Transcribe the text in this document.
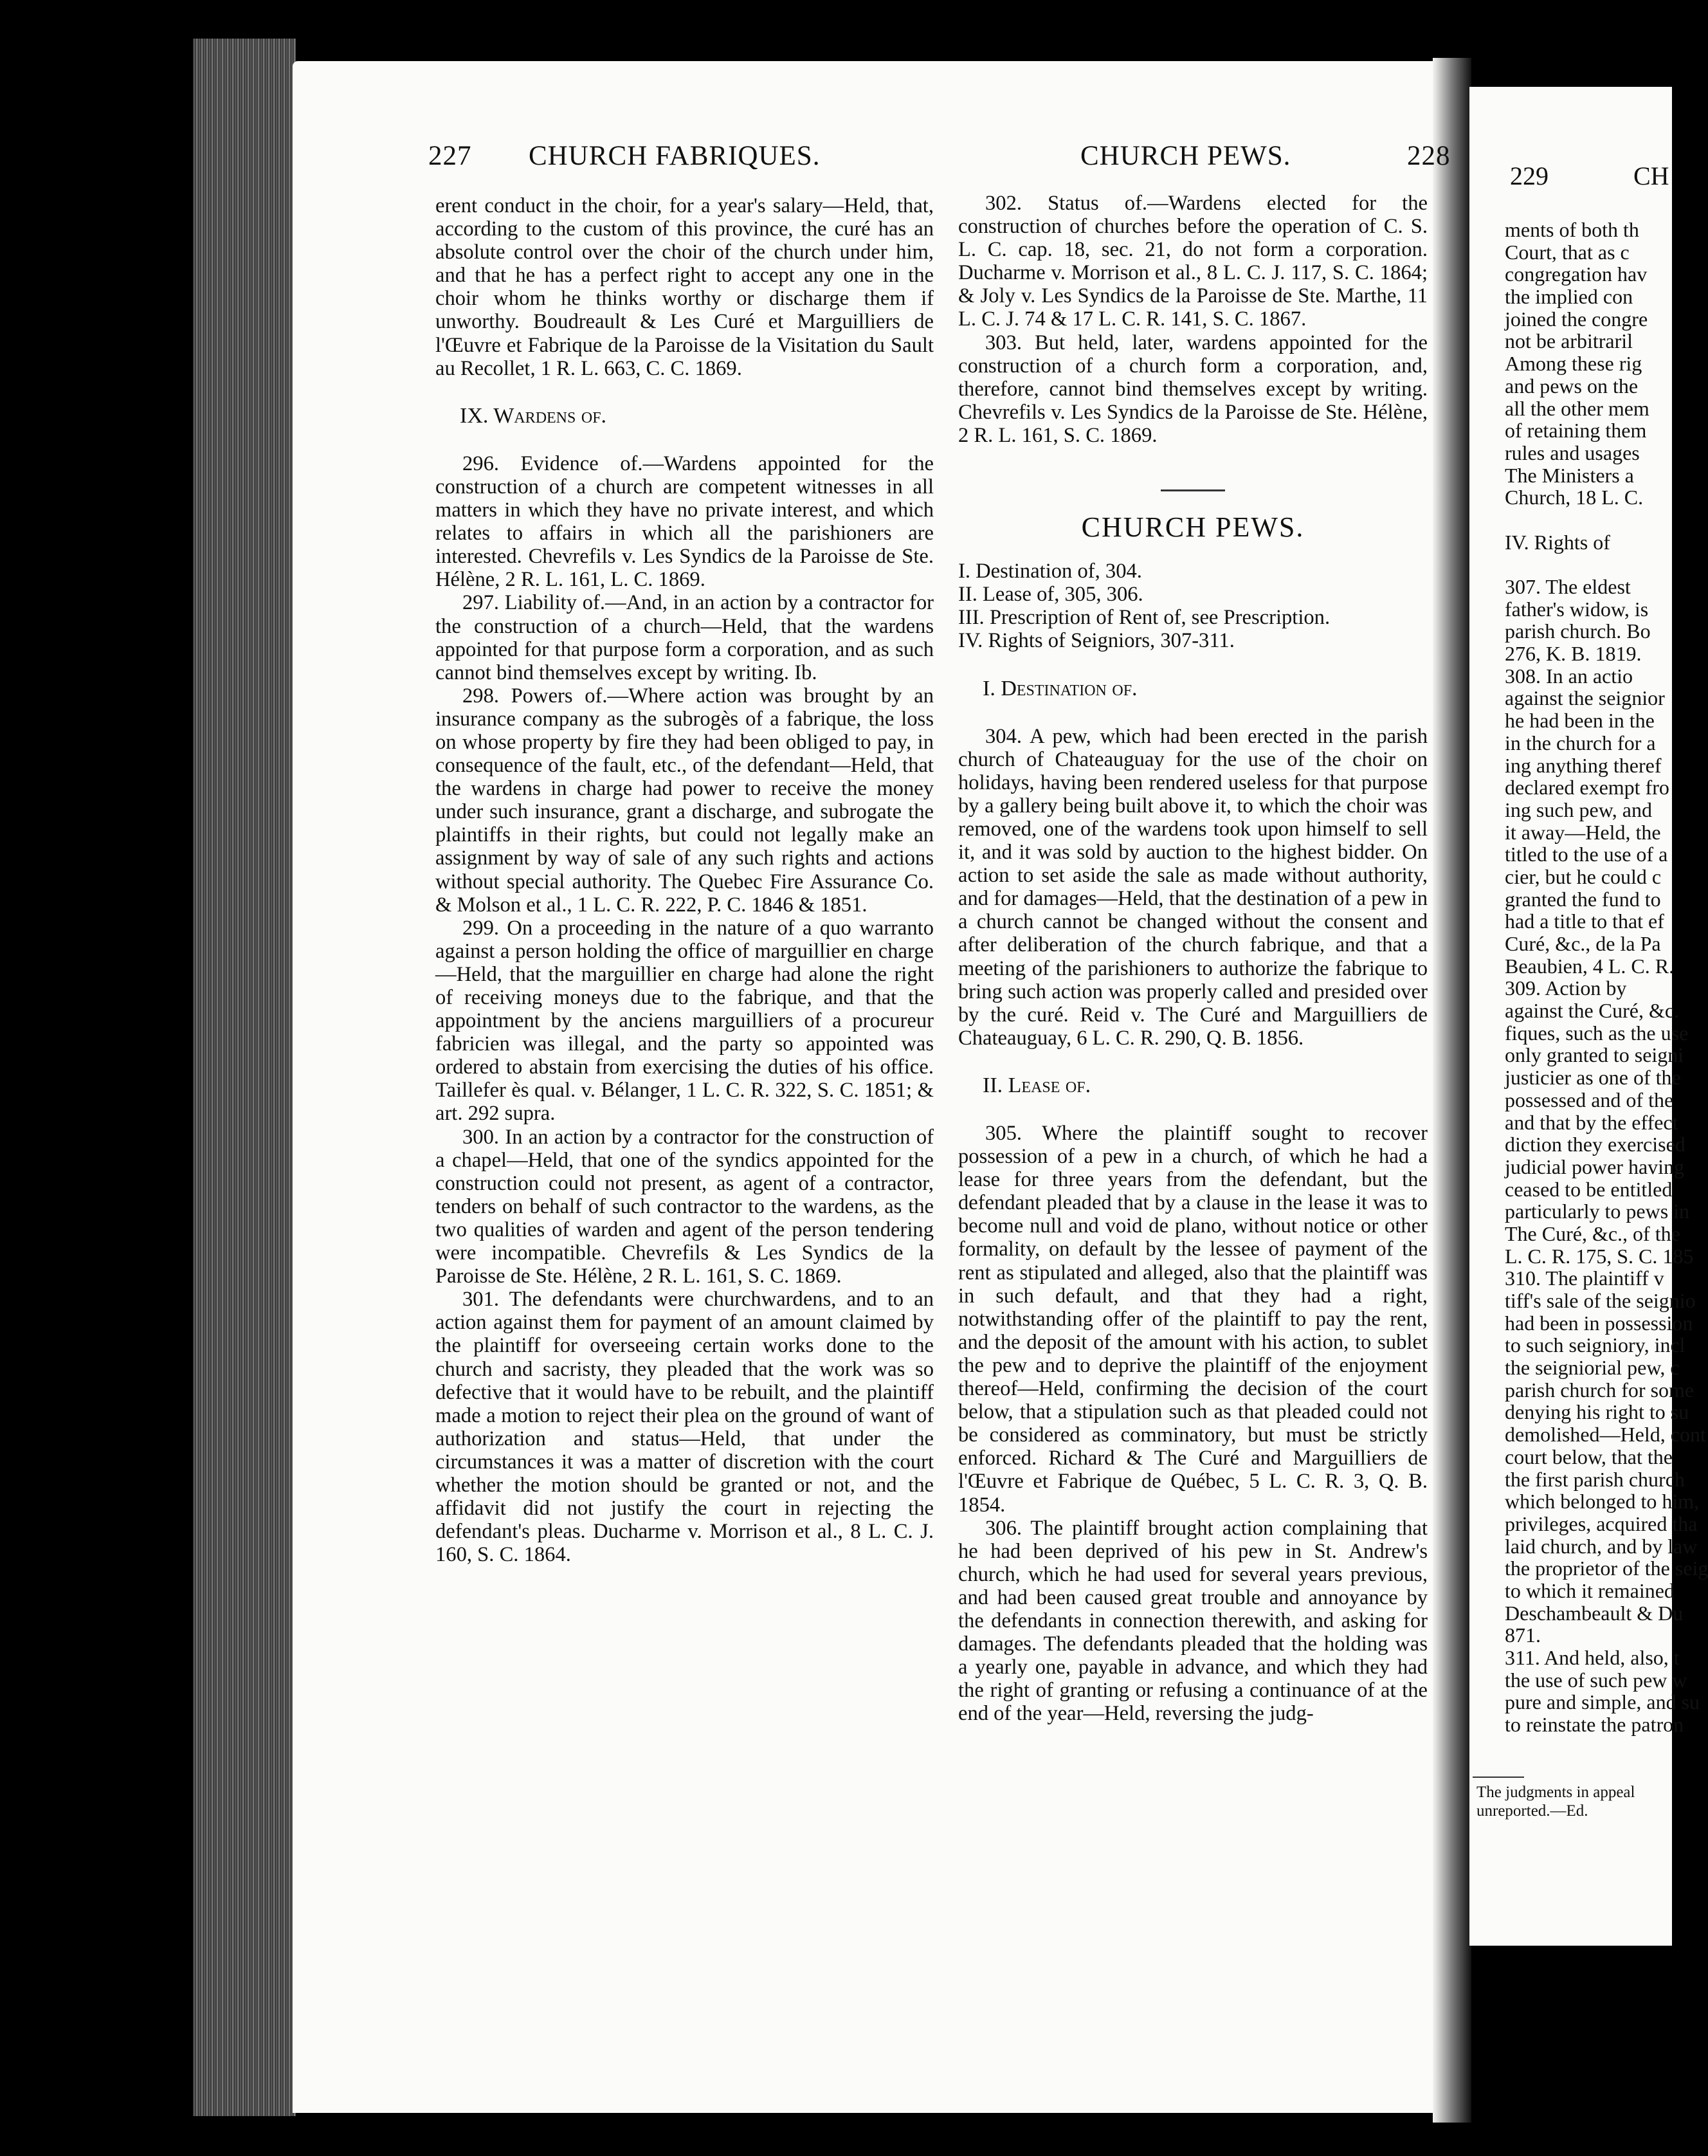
227 CHURCH FABRIQUES.	CHURCH PEWS.	228

erent conduct in the choir, for a year's salary—Held, that, according to the custom of this province, the curé has an absolute control over the choir of the church under him, and that he has a perfect right to accept any one in the choir whom he thinks worthy or discharge them if unworthy. Boudreault & Les Curé et Marguilliers de l'Œuvre et Fabrique de la Paroisse de la Visitation du Sault au Recollet, 1 R. L. 663, C. C. 1869.

IX. Wardens of.

296. Evidence of.—Wardens appointed for the construction of a church are competent witnesses in all matters in which they have no private interest, and which relates to affairs in which all the parishioners are interested. Chevrefils v. Les Syndics de la Paroisse de Ste. Hélène, 2 R. L. 161, L. C. 1869.

297. Liability of.—And, in an action by a contractor for the construction of a church—Held, that the wardens appointed for that purpose form a corporation, and as such cannot bind themselves except by writing. Ib.

298. Powers of.—Where action was brought by an insurance company as the subrogès of a fabrique, the loss on whose property by fire they had been obliged to pay, in consequence of the fault, etc., of the defendant—Held, that the wardens in charge had power to receive the money under such insurance, grant a discharge, and subrogate the plaintiffs in their rights, but could not legally make an assignment by way of sale of any such rights and actions without special authority. The Quebec Fire Assurance Co. & Molson et al., 1 L. C. R. 222, P. C. 1846 & 1851.

299. On a proceeding in the nature of a quo warranto against a person holding the office of marguillier en charge—Held, that the marguillier en charge had alone the right of receiving moneys due to the fabrique, and that the appointment by the anciens marguilliers of a procureur fabricien was illegal, and the party so appointed was ordered to abstain from exercising the duties of his office. Taillefer ès qual. v. Bélanger, 1 L. C. R. 322, S. C. 1851; & art. 292 supra.

300. In an action by a contractor for the construction of a chapel—Held, that one of the syndics appointed for the construction could not present, as agent of a contractor, tenders on behalf of such contractor to the wardens, as the two qualities of warden and agent of the person tendering were incompatible. Chevrefils & Les Syndics de la Paroisse de Ste. Hélène, 2 R. L. 161, S. C. 1869.

301. The defendants were churchwardens, and to an action against them for payment of an amount claimed by the plaintiff for overseeing certain works done to the church and sacristy, they pleaded that the work was so defective that it would have to be rebuilt, and the plaintiff made a motion to reject their plea on the ground of want of authorization and status—Held, that under the circumstances it was a matter of discretion with the court whether the motion should be granted or not, and the affidavit did not justify the court in rejecting the defendant's pleas. Ducharme v. Morrison et al., 8 L. C. J. 160, S. C. 1864.

302. Status of.—Wardens elected for the construction of churches before the operation of C. S. L. C. cap. 18, sec. 21, do not form a corporation. Ducharme v. Morrison et al., 8 L. C. J. 117, S. C. 1864; & Joly v. Les Syndics de la Paroisse de Ste. Marthe, 11 L. C. J. 74 & 17 L. C. R. 141, S. C. 1867.

303. But held, later, wardens appointed for the construction of a church form a corporation, and, therefore, cannot bind themselves except by writing. Chevrefils v. Les Syndics de la Paroisse de Ste. Hélène, 2 R. L. 161, S. C. 1869.

CHURCH PEWS.

I. Destination of, 304.

II. Lease of, 305, 306.

III. Prescription of Rent of, see Prescription.

IV. Rights of Seigniors, 307-311.

I. Destination of.

304. A pew, which had been erected in the parish church of Chateauguay for the use of the choir on holidays, having been rendered useless for that purpose by a gallery being built above it, to which the choir was removed, one of the wardens took upon himself to sell it, and it was sold by auction to the highest bidder. On action to set aside the sale as made without authority, and for damages—Held, that the destination of a pew in a church cannot be changed without the consent and after deliberation of the church fabrique, and that a meeting of the parishioners to authorize the fabrique to bring such action was properly called and presided over by the curé. Reid v. The Curé and Marguilliers de Chateauguay, 6 L. C. R. 290, Q. B. 1856.

II. Lease of.

305. Where the plaintiff sought to recover possession of a pew in a church, of which he had a lease for three years from the defendant, but the defendant pleaded that by a clause in the lease it was to become null and void de plano, without notice or other formality, on default by the lessee of payment of the rent as stipulated and alleged, also that the plaintiff was in such default, and that they had a right, notwithstanding offer of the plaintiff to pay the rent, and the deposit of the amount with his action, to sublet the pew and to deprive the plaintiff of the enjoyment thereof—Held, confirming the decision of the court below, that a stipulation such as that pleaded could not be considered as comminatory, but must be strictly enforced. Richard & The Curé and Marguilliers de l'Œuvre et Fabrique de Québec, 5 L. C. R. 3, Q. B. 1854.

306. The plaintiff brought action complaining that he had been deprived of his pew in St. Andrew's church, which he had used for several years previous, and had been caused great trouble and annoyance by the defendants in connection therewith, and asking for damages. The defendants pleaded that the holding was a yearly one, payable in advance, and which they had the right of granting or refusing a continuance of at the end of the year—Held, reversing the judg-

229	CH
ments of both th
Court, that as c
congregation hav
the implied con
joined the congre
not be arbitraril
Among these rig
and pews on the
all the other mem
of retaining them
rules and usages
The Ministers a
Church, 18 L. C.
IV. Rights of
307. The eldest
father's widow, is
parish church. Bo
276, K. B. 1819.
308. In an actio
against the seignior
he had been in the
in the church for a
ing anything theref
declared exempt fro
ing such pew, and
it away—Held, the
titled to the use of a
cier, but he could c
granted the fund to
had a title to that ef
Curé, &c., de la Pa
Beaubien, 4 L. C. R.
309. Action by
against the Curé, &c.
fiques, such as the use
only granted to seigni
justicier as one of the
possessed and of the
and that by the effect
diction they exercised
judicial power having
ceased to be entitled
particularly to pews in
The Curé, &c., of the
L. C. R. 175, S. C. 185
310. The plaintiff v
tiff's sale of the seignio
had been in possession
to such seigniory, incl
the seigniorial pew, c
parish church for some
denying his right to su
demolished—Held, cont
court below, that the
the first parish church
which belonged to him,
privileges, acquired tha
laid church, and by law
the proprietor of the seig
to which it remained
Deschambeault & Du
871.
311. And held, also, t
the use of such pew w
pure and simple, and su
to reinstate the patron
The judgments in appeal
unreported.—Ed.
